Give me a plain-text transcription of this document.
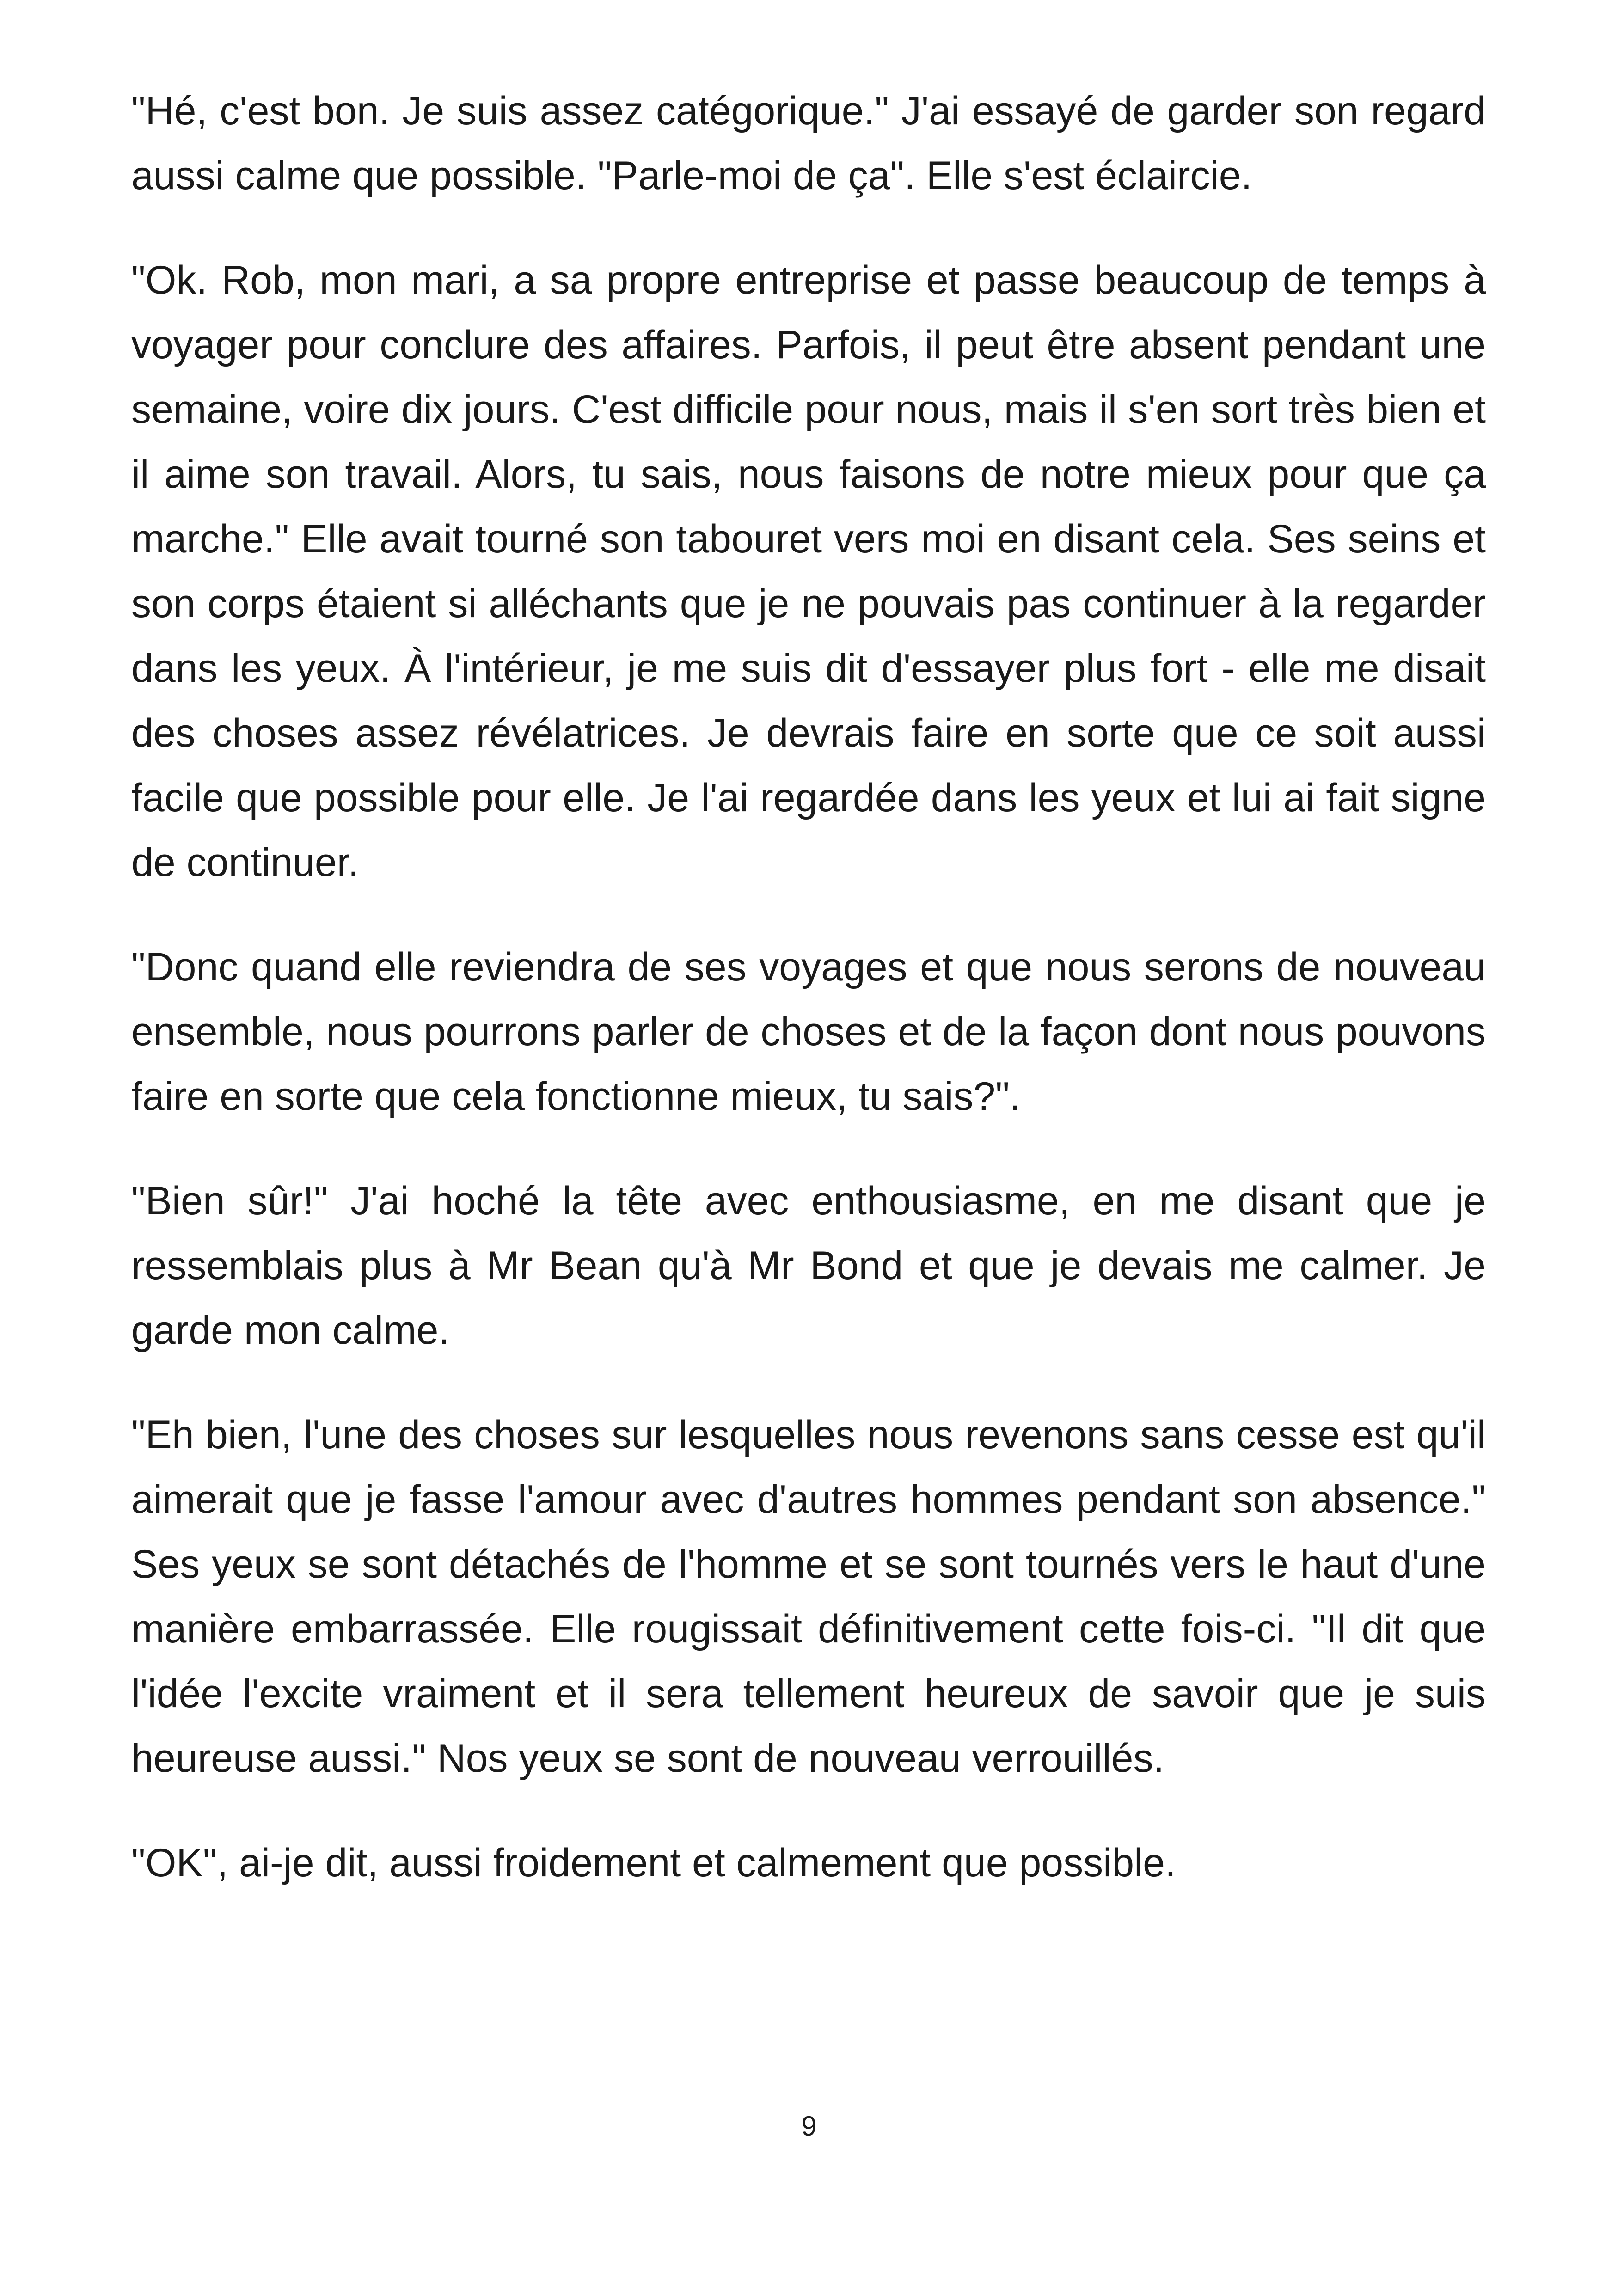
"Hé, c'est bon. Je suis assez catégorique." J'ai essayé de garder son regard aussi calme que possible. "Parle-moi de ça". Elle s'est éclaircie.

"Ok. Rob, mon mari, a sa propre entreprise et passe beaucoup de temps à voyager pour conclure des affaires. Parfois, il peut être absent pendant une semaine, voire dix jours. C'est difficile pour nous, mais il s'en sort très bien et il aime son travail. Alors, tu sais, nous faisons de notre mieux pour que ça marche." Elle avait tourné son tabouret vers moi en disant cela. Ses seins et son corps étaient si alléchants que je ne pouvais pas continuer à la regarder dans les yeux. À l'intérieur, je me suis dit d'essayer plus fort - elle me disait des choses assez révélatrices. Je devrais faire en sorte que ce soit aussi facile que possible pour elle. Je l'ai regardée dans les yeux et lui ai fait signe de continuer.

"Donc quand elle reviendra de ses voyages et que nous serons de nouveau ensemble, nous pourrons parler de choses et de la façon dont nous pouvons faire en sorte que cela fonctionne mieux, tu sais?".

"Bien sûr!" J'ai hoché la tête avec enthousiasme, en me disant que je ressemblais plus à Mr Bean qu'à Mr Bond et que je devais me calmer. Je garde mon calme.

"Eh bien, l'une des choses sur lesquelles nous revenons sans cesse est qu'il aimerait que je fasse l'amour avec d'autres hommes pendant son absence." Ses yeux se sont détachés de l'homme et se sont tournés vers le haut d'une manière embarrassée. Elle rougissait définitivement cette fois-ci. "Il dit que l'idée l'excite vraiment et il sera tellement heureux de savoir que je suis heureuse aussi." Nos yeux se sont de nouveau verrouillés.

"OK", ai-je dit, aussi froidement et calmement que possible.

9
